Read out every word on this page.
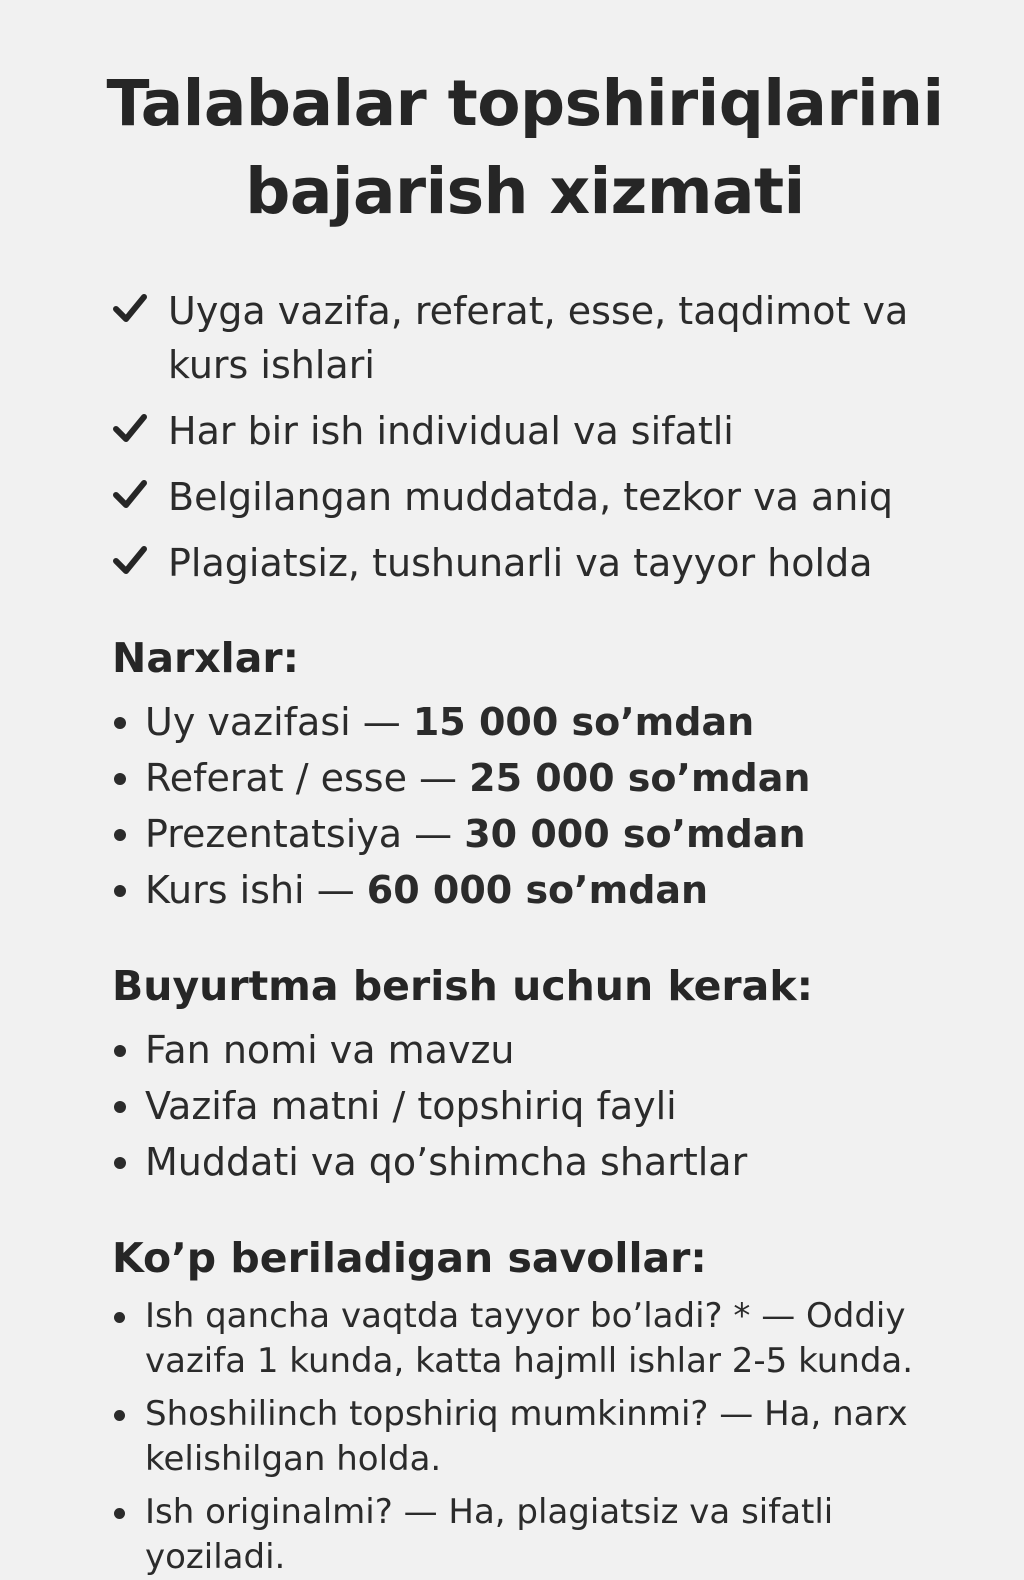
Talabalar topshiriqlarini bajarish xizmati
Uyga vazifa, referat, esse, taqdimot va kurs ishlari
Har bir ish individual va sifatli
Belgilangan muddatda, tezkor va aniq
Plagiatsiz, tushunarli va tayyor holda
Narxlar:
Uy vazifasi — 15 000 so’mdan
Referat / esse — 25 000 so’mdan
Prezentatsiya — 30 000 so’mdan
Kurs ishi — 60 000 so’mdan
Buyurtma berish uchun kerak:
Fan nomi va mavzu
Vazifa matni / topshiriq fayli
Muddati va qo’shimcha shartlar
Ko’p beriladigan savollar:
Ish qancha vaqtda tayyor bo’ladi? * — Oddiy vazifa 1 kunda, katta hajmll ishlar 2-5 kunda.
Shoshilinch topshiriq mumkinmi? — Ha, narx kelishilgan holda.
Ish originalmi? — Ha, plagiatsiz va sifatli yoziladi.
